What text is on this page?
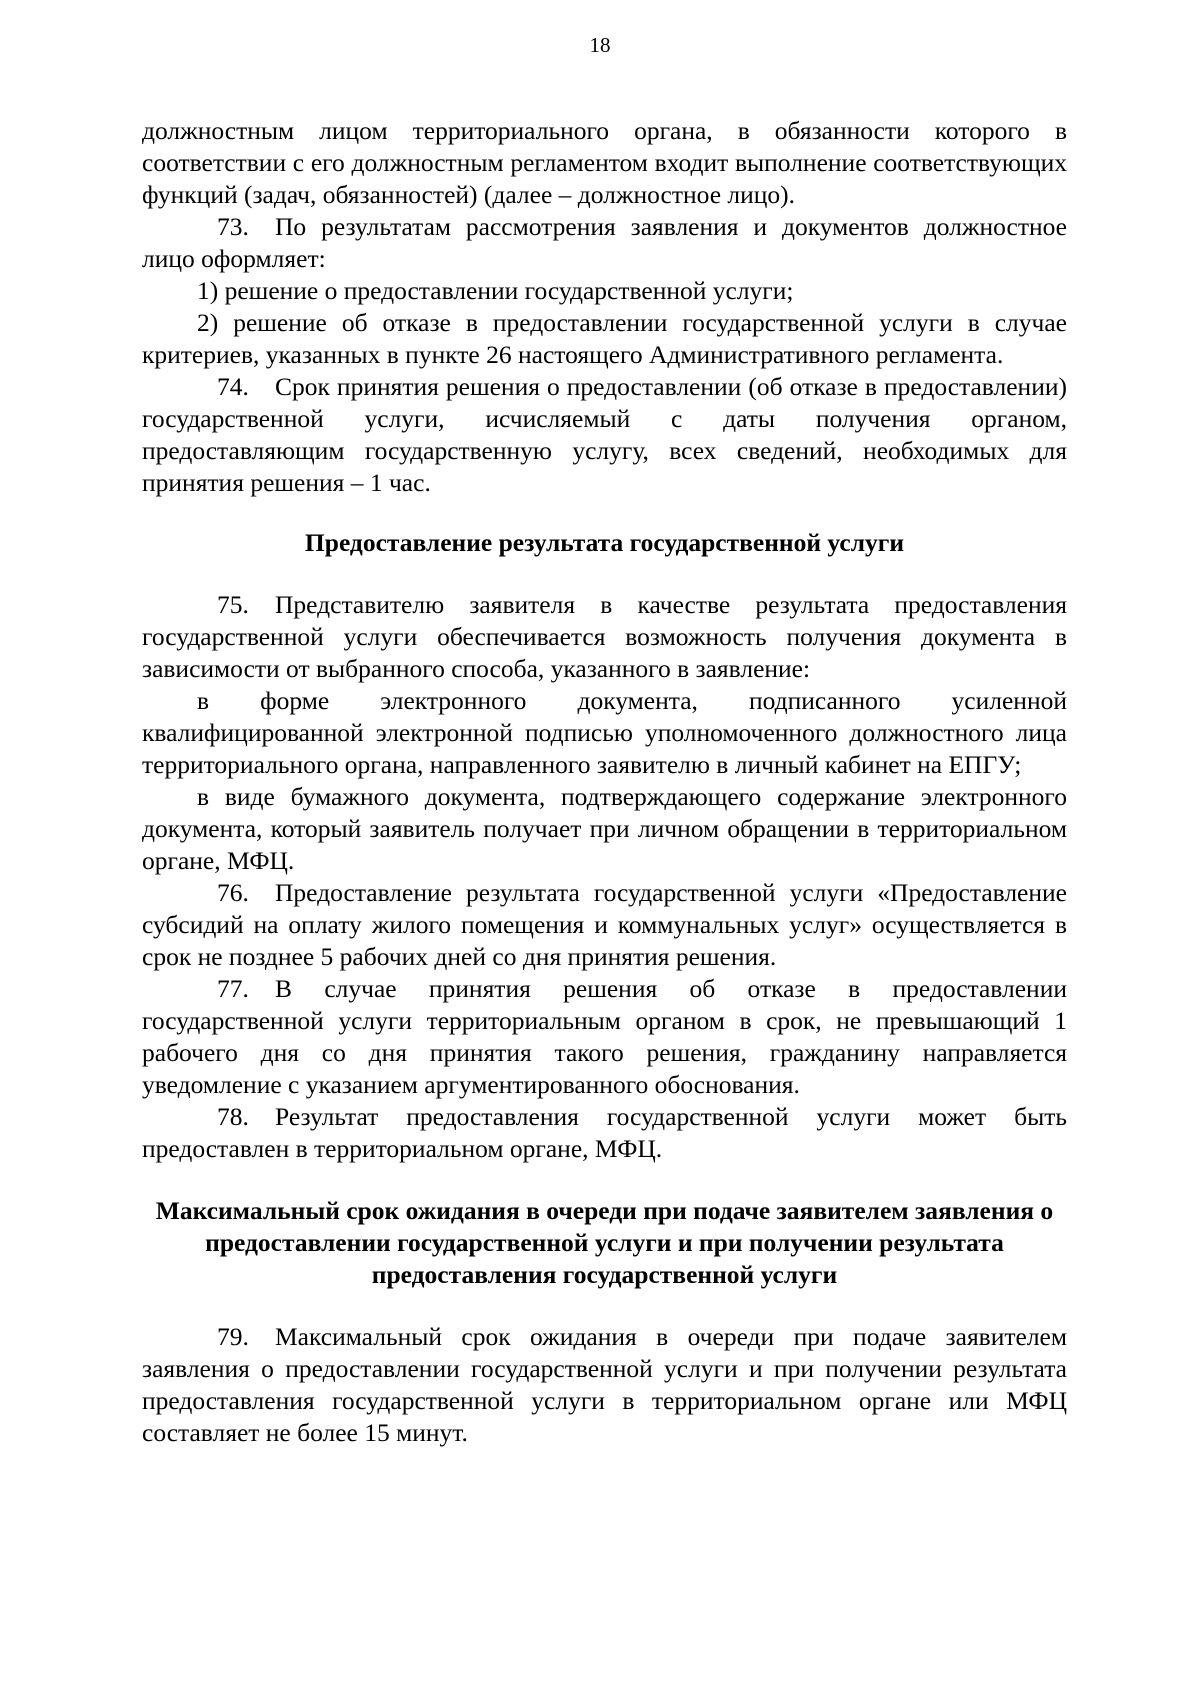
18

должностным лицом территориального органа, в обязанности которого в соответствии с его должностным регламентом входит выполнение соответствующих функций (задач, обязанностей) (далее – должностное лицо).

73. По результатам рассмотрения заявления и документов должностное лицо оформляет:

1) решение о предоставлении государственной услуги;

2) решение об отказе в предоставлении государственной услуги в случае критериев, указанных в пункте 26 настоящего Административного регламента.

74. Срок принятия решения о предоставлении (об отказе в предоставлении) государственной услуги, исчисляемый с даты получения органом, предоставляющим государственную услугу, всех сведений, необходимых для принятия решения – 1 час.

Предоставление результата государственной услуги

75. Представителю заявителя в качестве результата предоставления государственной услуги обеспечивается возможность получения документа в зависимости от выбранного способа, указанного в заявление:

в форме электронного документа, подписанного усиленной квалифицированной электронной подписью уполномоченного должностного лица территориального органа, направленного заявителю в личный кабинет на ЕПГУ;

в виде бумажного документа, подтверждающего содержание электронного документа, который заявитель получает при личном обращении в территориальном органе, МФЦ.

76. Предоставление результата государственной услуги «Предоставление субсидий на оплату жилого помещения и коммунальных услуг» осуществляется в срок не позднее 5 рабочих дней со дня принятия решения.

77. В случае принятия решения об отказе в предоставлении государственной услуги территориальным органом в срок, не превышающий 1 рабочего дня со дня принятия такого решения, гражданину направляется уведомление с указанием аргументированного обоснования.

78. Результат предоставления государственной услуги может быть предоставлен в территориальном органе, МФЦ.

Максимальный срок ожидания в очереди при подаче заявителем заявления о предоставлении государственной услуги и при получении результата предоставления государственной услуги

79. Максимальный срок ожидания в очереди при подаче заявителем заявления о предоставлении государственной услуги и при получении результата предоставления государственной услуги в территориальном органе или МФЦ составляет не более 15 минут.
